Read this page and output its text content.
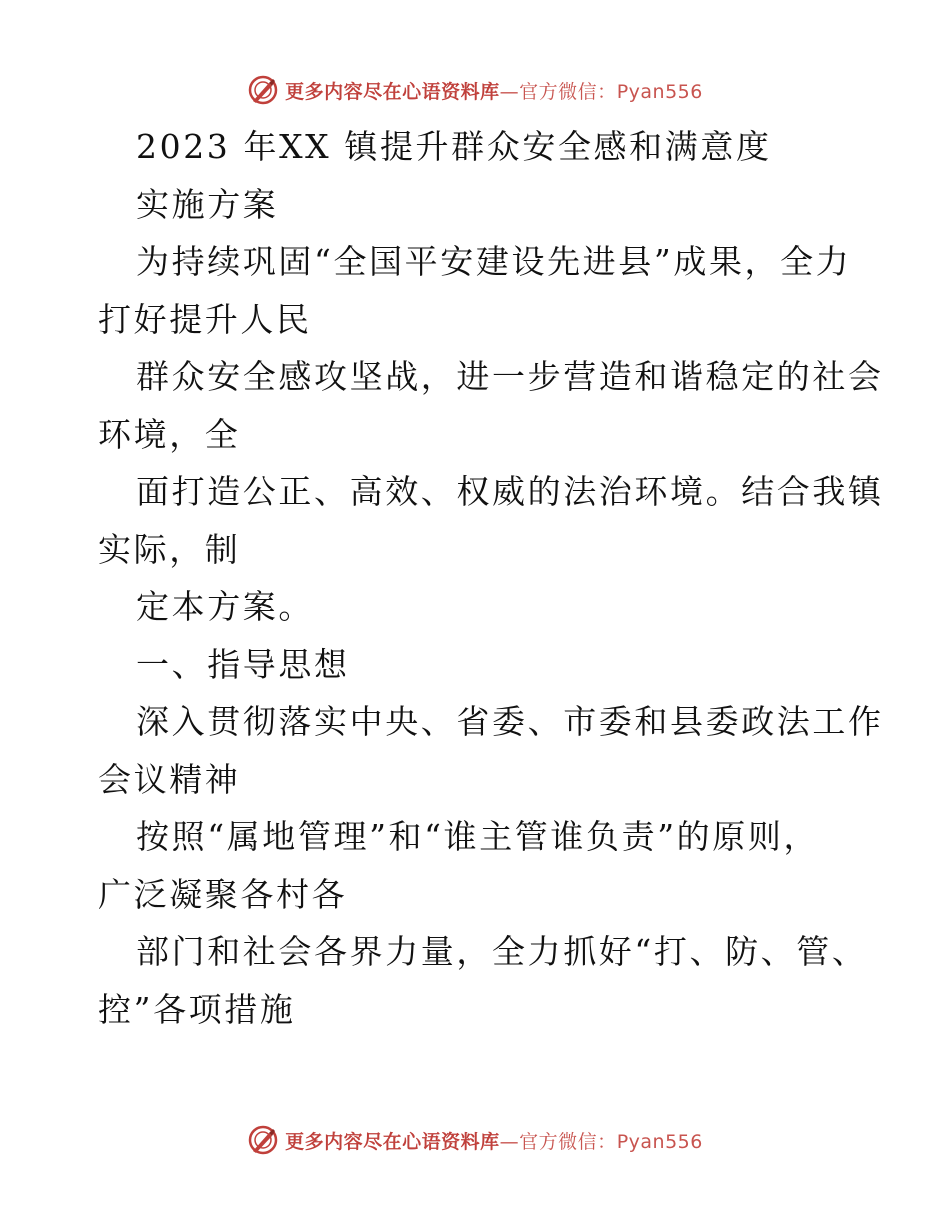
更多内容尽在心语资料库—官方微信：Pyan556
2023 年XX 镇提升群众安全感和满意度
实施方案
为持续巩固“全国平安建设先进县”成果，全力
打好提升人民
群众安全感攻坚战，进一步营造和谐稳定的社会
环境，全
面打造公正、高效、权威的法治环境。结合我镇
实际，制
定本方案。
一、指导思想
深入贯彻落实中央、省委、市委和县委政法工作
会议精神
按照“属地管理”和“谁主管谁负责”的原则，
广泛凝聚各村各
部门和社会各界力量，全力抓好“打、防、管、
控”各项措施
更多内容尽在心语资料库—官方微信：Pyan556
